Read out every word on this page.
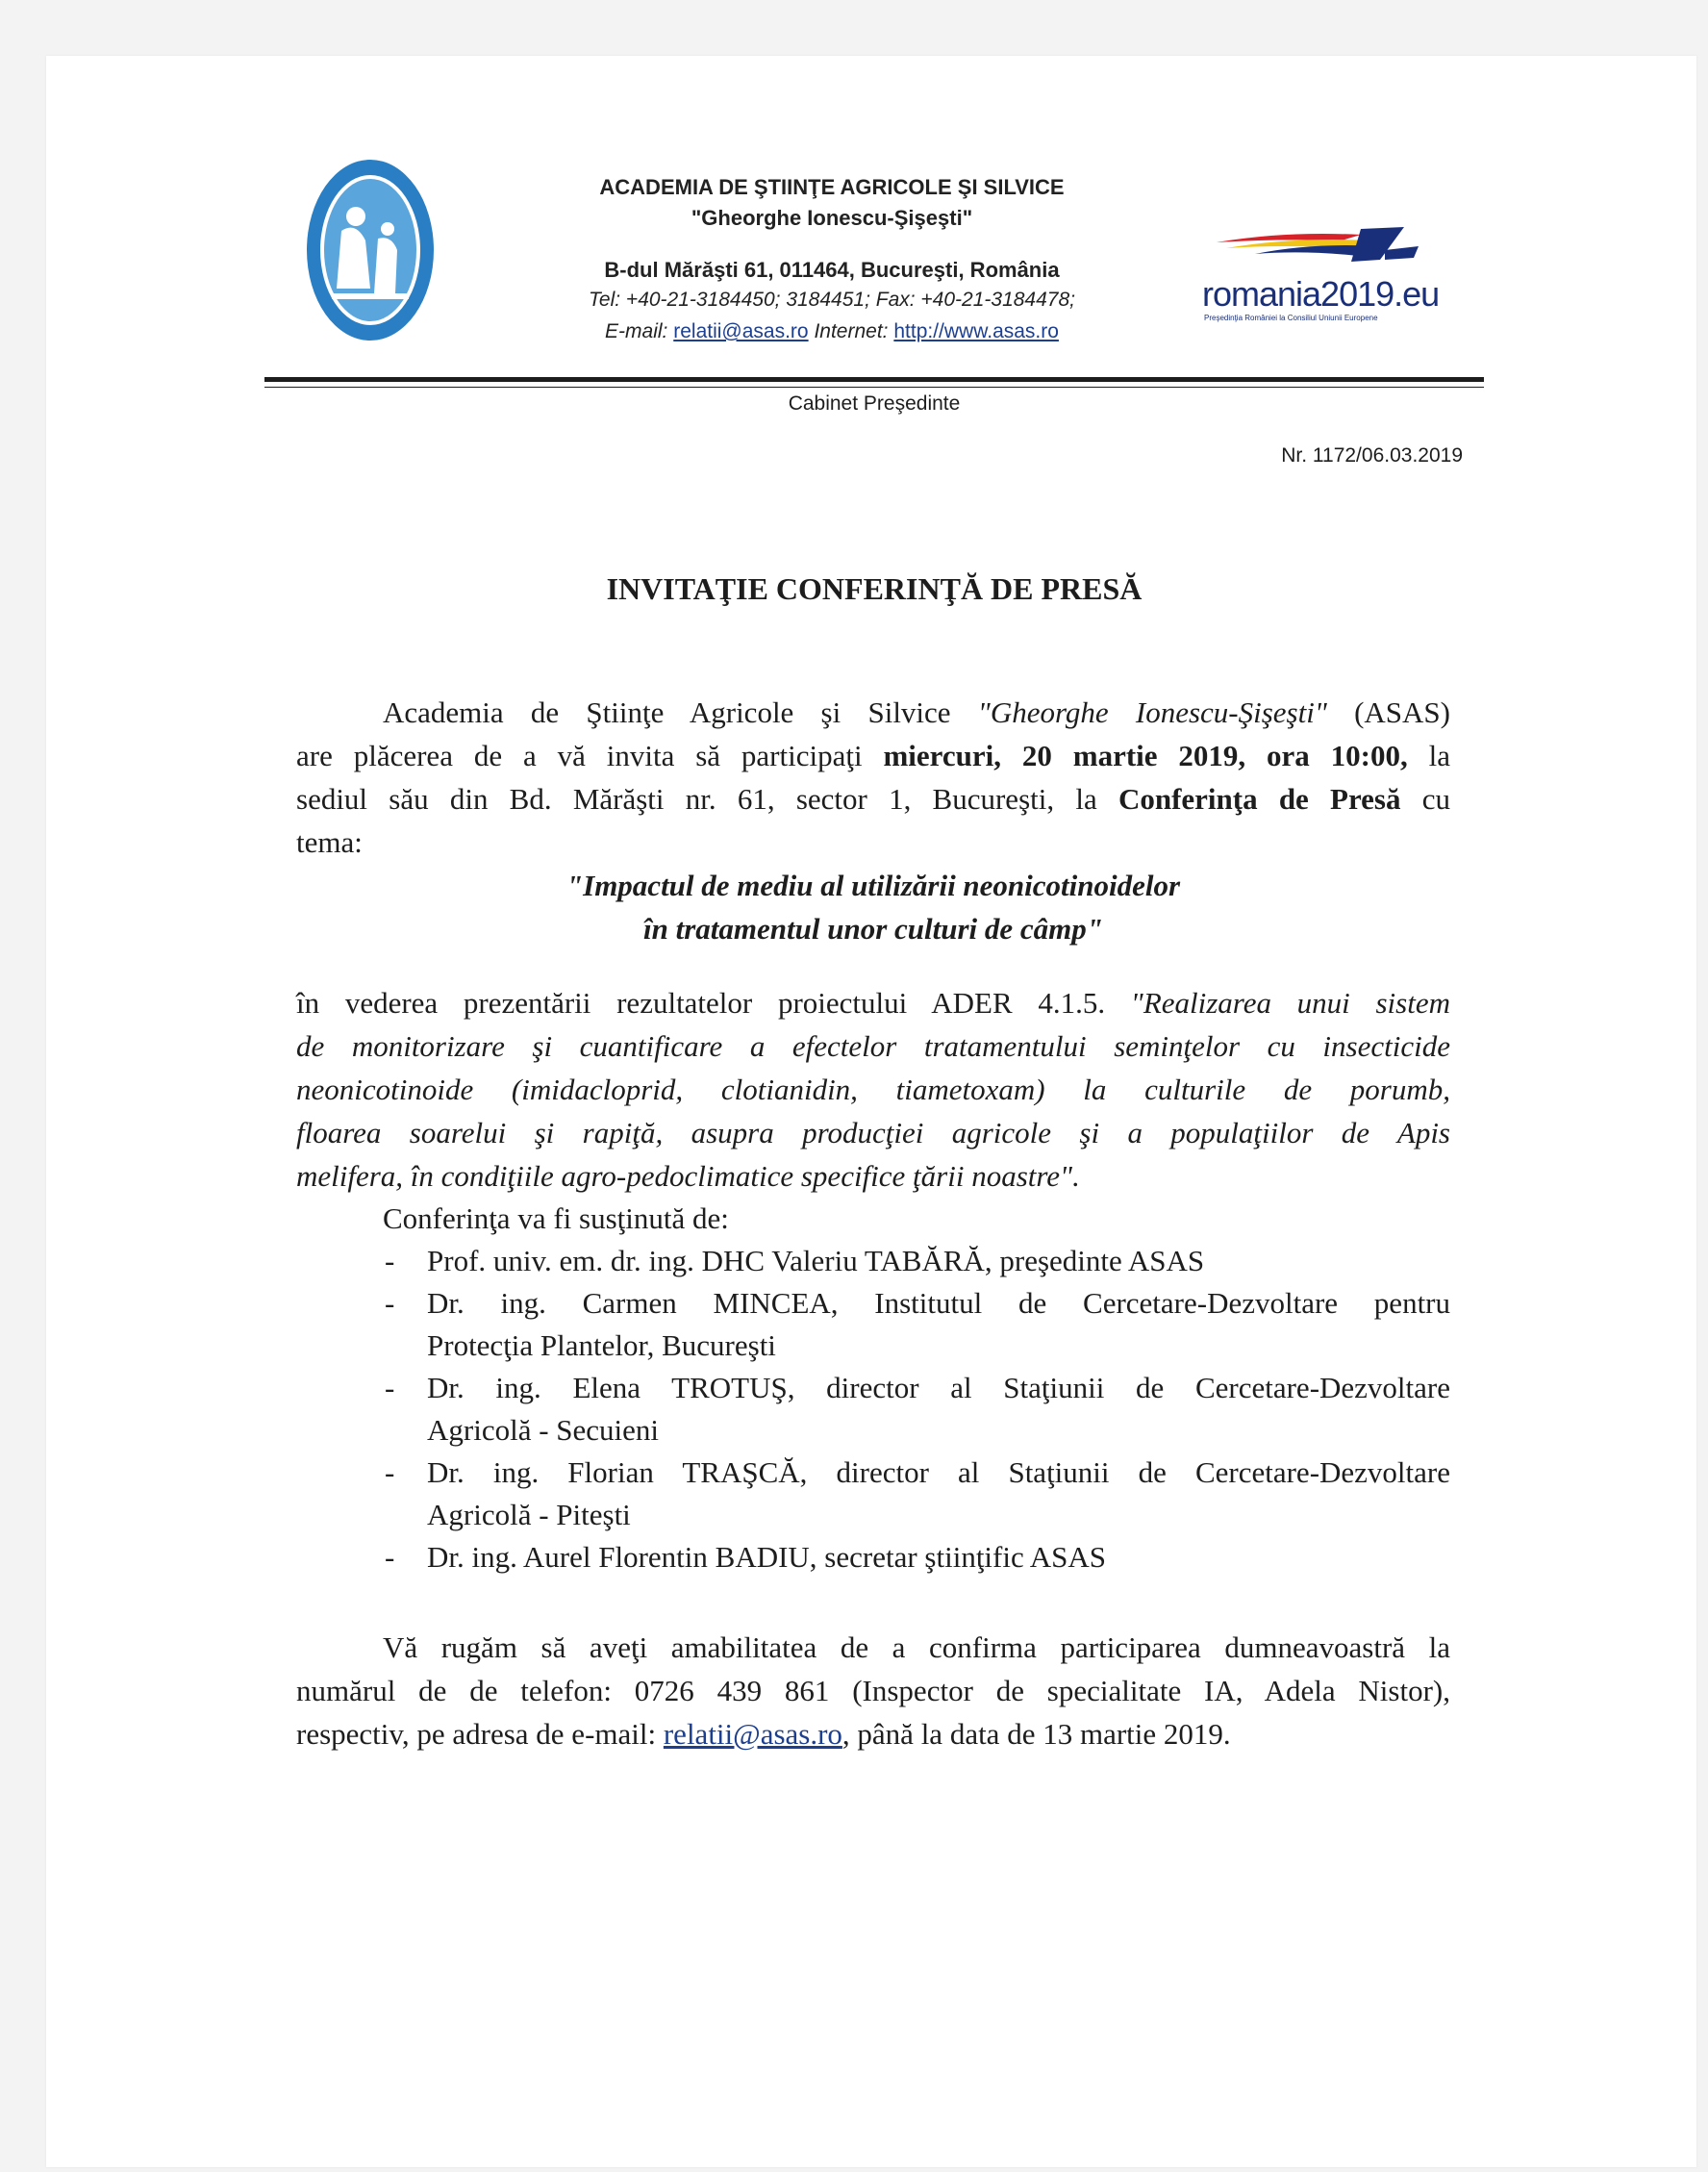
ACADEMIA DE ŞTIINŢE AGRICOLE ŞI SILVICE
"Gheorghe Ionescu-Şişeşti"
B-dul Mărăşti 61, 011464, Bucureşti, România
Tel: +40-21-3184450; 3184451; Fax: +40-21-3184478;
E-mail: relatii@asas.ro Internet: http://www.asas.ro
romania2019.eu
Preşedinţia României la Consiliul Uniunii Europene
Cabinet Preşedinte
Nr. 1172/06.03.2019
INVITAŢIE CONFERINŢĂ DE PRESĂ
Academia de Ştiinţe Agricole şi Silvice "Gheorghe Ionescu-Şişeşti" (ASAS)
are plăcerea de a vă invita să participaţi miercuri, 20 martie 2019, ora 10:00, la
sediul său din Bd. Mărăşti nr. 61, sector 1, Bucureşti, la Conferinţa de Presă cu
tema:
"Impactul de mediu al utilizării neonicotinoidelor
în tratamentul unor culturi de câmp"
în vederea prezentării rezultatelor proiectului ADER 4.1.5. "Realizarea unui sistem
de monitorizare şi cuantificare a efectelor tratamentului seminţelor cu insecticide
neonicotinoide (imidacloprid, clotianidin, tiametoxam) la culturile de porumb,
floarea soarelui şi rapiţă, asupra producţiei agricole şi a populaţiilor de Apis
melifera, în condiţiile agro-pedoclimatice specifice ţării noastre".
Conferinţa va fi susţinută de:
- Prof. univ. em. dr. ing. DHC Valeriu TABĂRĂ, preşedinte ASAS
- Dr. ing. Carmen MINCEA, Institutul de Cercetare-Dezvoltare pentru
Protecţia Plantelor, Bucureşti
- Dr. ing. Elena TROTUŞ, director al Staţiunii de Cercetare-Dezvoltare
Agricolă - Secuieni
- Dr. ing. Florian TRAŞCĂ, director al Staţiunii de Cercetare-Dezvoltare
Agricolă - Piteşti
- Dr. ing. Aurel Florentin BADIU, secretar ştiinţific ASAS
Vă rugăm să aveţi amabilitatea de a confirma participarea dumneavoastră la
numărul de de telefon: 0726 439 861 (Inspector de specialitate IA, Adela Nistor),
respectiv, pe adresa de e-mail: relatii@asas.ro, până la data de 13 martie 2019.
